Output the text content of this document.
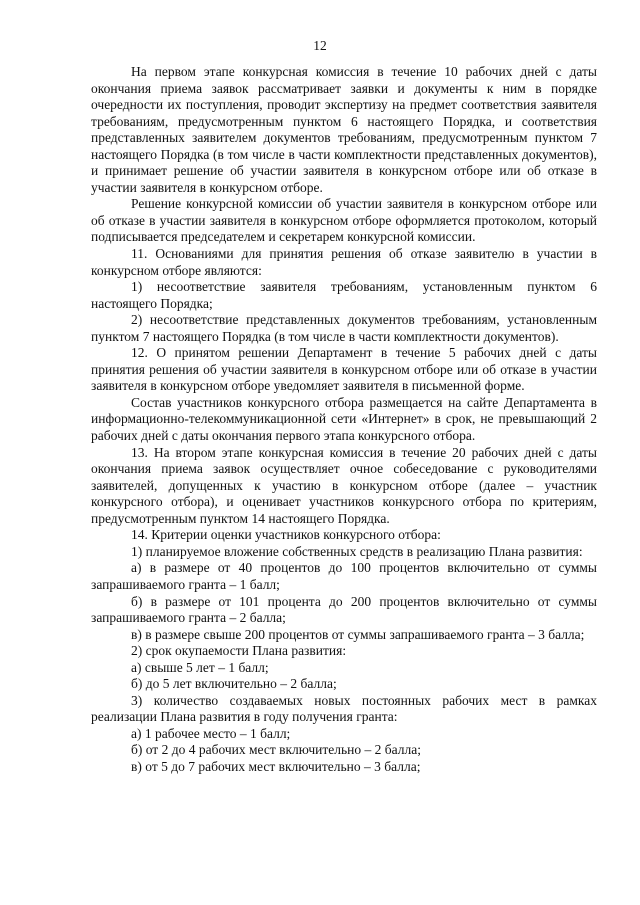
12

На первом этапе конкурсная комиссия в течение 10 рабочих дней с даты окончания приема заявок рассматривает заявки и документы к ним в порядке очередности их поступления, проводит экспертизу на предмет соответствия заявителя требованиям, предусмотренным пунктом 6 настоящего Порядка, и соответствия представленных заявителем документов требованиям, предусмотренным пунктом 7 настоящего Порядка (в том числе в части комплектности представленных документов), и принимает решение об участии заявителя в конкурсном отборе или об отказе в участии заявителя в конкурсном отборе.

Решение конкурсной комиссии об участии заявителя в конкурсном отборе или об отказе в участии заявителя в конкурсном отборе оформляется протоколом, который подписывается председателем и секретарем конкурсной комиссии.

11. Основаниями для принятия решения об отказе заявителю в участии в конкурсном отборе являются:

1) несоответствие заявителя требованиям, установленным пунктом 6 настоящего Порядка;

2) несоответствие представленных документов требованиям, установленным пунктом 7 настоящего Порядка (в том числе в части комплектности документов).

12. О принятом решении Департамент в течение 5 рабочих дней с даты принятия решения об участии заявителя в конкурсном отборе или об отказе в участии заявителя в конкурсном отборе уведомляет заявителя в письменной форме.

Состав участников конкурсного отбора размещается на сайте Департамента в информационно-телекоммуникационной сети «Интернет» в срок, не превышающий 2 рабочих дней с даты окончания первого этапа конкурсного отбора.

13. На втором этапе конкурсная комиссия в течение 20 рабочих дней с даты окончания приема заявок осуществляет очное собеседование с руководителями заявителей, допущенных к участию в конкурсном отборе (далее – участник конкурсного отбора), и оценивает участников конкурсного отбора по критериям, предусмотренным пунктом 14 настоящего Порядка.

14. Критерии оценки участников конкурсного отбора:

1) планируемое вложение собственных средств в реализацию Плана развития:

а) в размере от 40 процентов до 100 процентов включительно от суммы запрашиваемого гранта – 1 балл;

б) в размере от 101 процента до 200 процентов включительно от суммы запрашиваемого гранта – 2 балла;

в) в размере свыше 200 процентов от суммы запрашиваемого гранта – 3 балла;

2) срок окупаемости Плана развития:

а) свыше 5 лет – 1 балл;

б) до 5 лет включительно – 2 балла;

3) количество создаваемых новых постоянных рабочих мест в рамках реализации Плана развития в году получения гранта:

а) 1 рабочее место – 1 балл;

б) от 2 до 4 рабочих мест включительно – 2 балла;

в) от 5 до 7 рабочих мест включительно – 3 балла;
